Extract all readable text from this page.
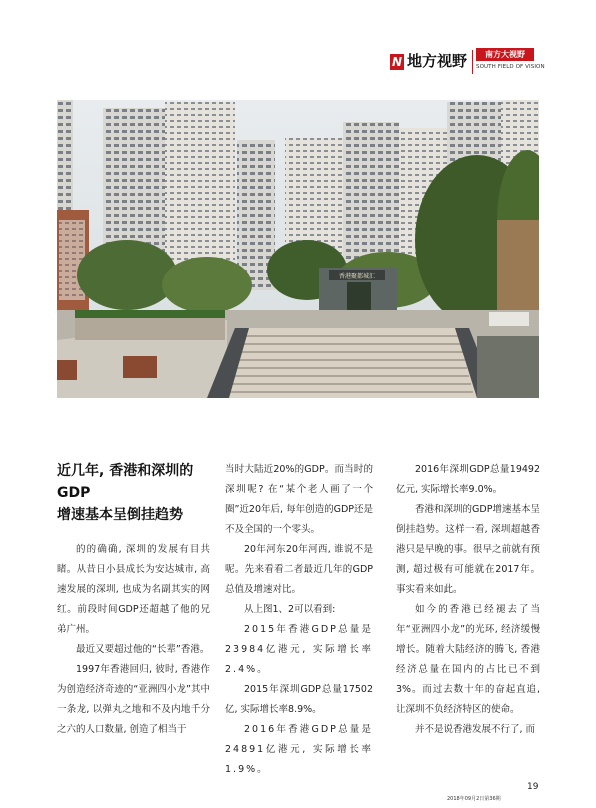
N 地方视野	南方大视野
SOUTH FIELD OF VISION
香港聚都城汇
近几年, 香港和深圳的GDP
增速基本呈倒挂趋势

的的确确, 深圳的发展有目共睹。从昔日小县成长为安达城市, 高速发展的深圳, 也成为名副其实的网红。前段时间GDP还超越了他的兄弟广州。

最近又要超过他的“长辈”香港。

1997年香港回归, 彼时, 香港作为创造经济奇迹的“亚洲四小龙”其中一条龙, 以弹丸之地和不及内地千分之六的人口数量, 创造了相当于

当时大陆近20%的GDP。而当时的深圳呢? 在“某个老人画了一个圈”近20年后, 每年创造的GDP还是不及全国的一个零头。

20年河东20年河西, 谁说不是呢。先来看看二者最近几年的GDP总值及增速对比。

从上图1、2可以看到:

2015年香港GDP总量是23984亿港元, 实际增长率2.4%。

2015年深圳GDP总量17502亿, 实际增长率8.9%。

2016年香港GDP总量是24891亿港元, 实际增长率1.9%。

2016年深圳GDP总量19492亿元, 实际增长率9.0%。

香港和深圳的GDP增速基本呈倒挂趋势。这样一看, 深圳超越香港只是早晚的事。很早之前就有预测, 超过极有可能就在2017年。事实看来如此。

如今的香港已经褪去了当年“亚洲四小龙”的光环, 经济缓慢增长。随着大陆经济的腾飞, 香港经济总量在国内的占比已不到3%。而过去数十年的奋起直追, 让深圳不负经济特区的使命。

并不是说香港发展不行了, 而

19
2018年09月2日第36期
